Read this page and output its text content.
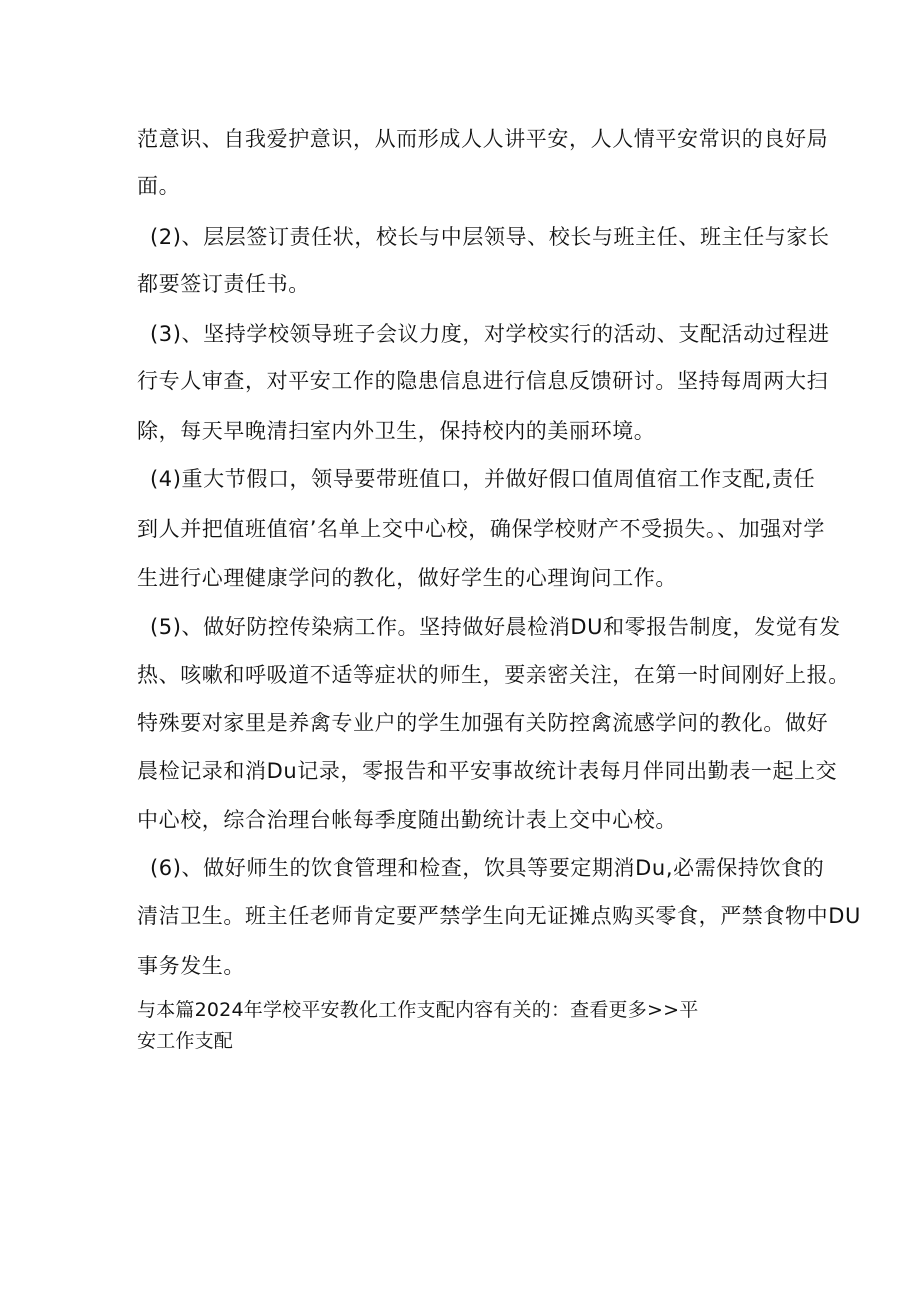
范意识、自我爱护意识，从而形成人人讲平安，人人情平安常识的良好局
面。
(2)、层层签订责任状，校长与中层领导、校长与班主任、班主任与家长
都要签订责任书。
(3)、坚持学校领导班子会议力度，对学校实行的活动、支配活动过程进
行专人审查，对平安工作的隐患信息进行信息反馈研讨。坚持每周两大扫
除，每天早晚清扫室内外卫生，保持校内的美丽环境。
(4)重大节假口，领导要带班值口，并做好假口值周值宿工作支配,责任
到人并把值班值宿’名单上交中心校，确保学校财产不受损失。、加强对学
生进行心理健康学问的教化，做好学生的心理询问工作。
(5)、做好防控传染病工作。坚持做好晨检消DU和零报告制度，发觉有发
热、咳嗽和呼吸道不适等症状的师生，要亲密关注，在第一时间刚好上报。
特殊要对家里是养禽专业户的学生加强有关防控禽流感学问的教化。做好
晨检记录和消Du记录，零报告和平安事故统计表每月伴同出勤表一起上交
中心校，综合治理台帐每季度随出勤统计表上交中心校。
(6)、做好师生的饮食管理和检查，饮具等要定期消Du,必需保持饮食的
清洁卫生。班主任老师肯定要严禁学生向无证摊点购买零食，严禁食物中DU
事务发生。
与本篇2024年学校平安教化工作支配内容有关的：查看更多>>平
安工作支配
